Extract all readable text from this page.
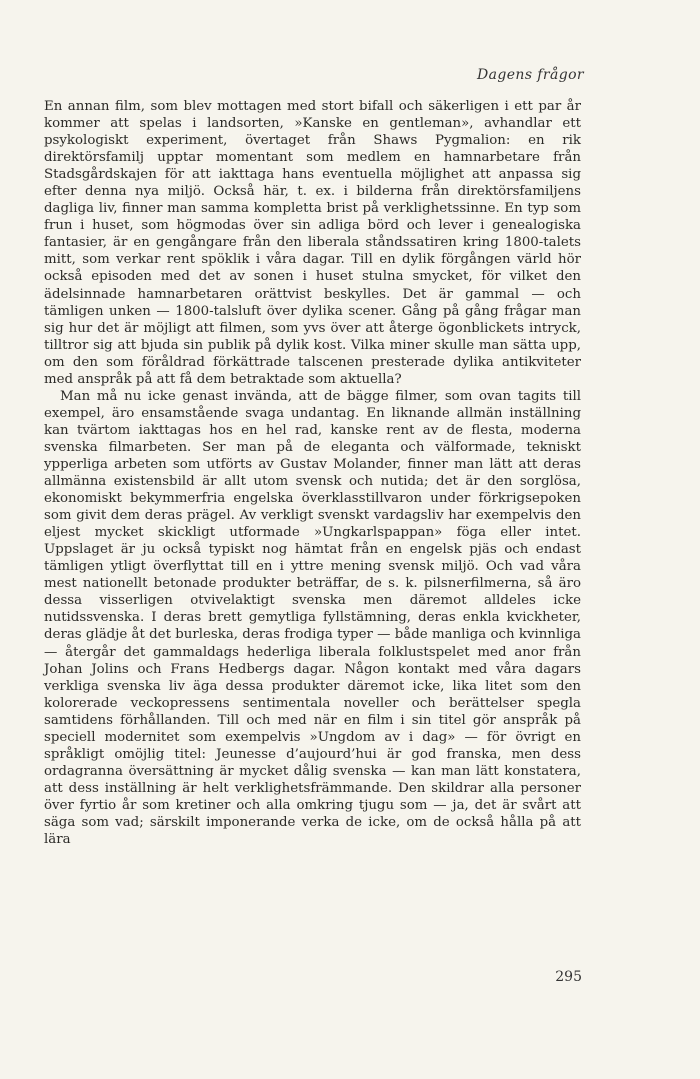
Dagens frågor

En annan film, som blev mottagen med stort bifall och säkerligen i ett par år kommer att spelas i landsorten, »Kanske en gentleman», avhandlar ett psykologiskt experiment, övertaget från Shaws Pygmalion: en rik direktörsfamilj upptar momentant som medlem en hamnarbetare från Stadsgårdskajen för att iakttaga hans eventuella möjlighet att anpassa sig efter denna nya miljö. Också här, t. ex. i bilderna från direktörsfamiljens dagliga liv, finner man samma kompletta brist på verklighetssinne. En typ som frun i huset, som högmodas över sin adliga börd och lever i genealogiska fantasier, är en gengångare från den liberala ståndssatiren kring 1800-talets mitt, som verkar rent spöklik i våra dagar. Till en dylik förgången värld hör också episoden med det av sonen i huset stulna smycket, för vilket den ädelsinnade hamnarbetaren orättvist beskylles. Det är gammal — och tämligen unken — 1800-talsluft över dylika scener. Gång på gång frågar man sig hur det är möjligt att filmen, som yvs över att återge ögonblickets intryck, tilltror sig att bjuda sin publik på dylik kost. Vilka miner skulle man sätta upp, om den som föråldrad förkättrade talscenen presterade dylika antikviteter med anspråk på att få dem betraktade som aktuella?

Man må nu icke genast invända, att de bägge filmer, som ovan tagits till exempel, äro ensamstående svaga undantag. En liknande allmän inställning kan tvärtom iakttagas hos en hel rad, kanske rent av de flesta, moderna svenska filmarbeten. Ser man på de eleganta och välformade, tekniskt ypperliga arbeten som utförts av Gustav Molander, finner man lätt att deras allmänna existensbild är allt utom svensk och nutida; det är den sorglösa, ekonomiskt bekymmerfria engelska överklasstillvaron under förkrigsepoken som givit dem deras prägel. Av verkligt svenskt vardagsliv har exempelvis den eljest mycket skickligt utformade »Ungkarlspappan» föga eller intet. Uppslaget är ju också typiskt nog hämtat från en engelsk pjäs och endast tämligen ytligt överflyttat till en i yttre mening svensk miljö. Och vad våra mest nationellt betonade produkter beträffar, de s. k. pilsnerfilmerna, så äro dessa visserligen otvivelaktigt svenska men däremot alldeles icke nutidssvenska. I deras brett gemytliga fyllstämning, deras enkla kvickheter, deras glädje åt det burleska, deras frodiga typer — både manliga och kvinnliga — återgår det gammaldags hederliga liberala folklustspelet med anor från Johan Jolins och Frans Hedbergs dagar. Någon kontakt med våra dagars verkliga svenska liv äga dessa produkter däremot icke, lika litet som den kolorerade veckopressens sentimentala noveller och berättelser spegla samtidens förhållanden. Till och med när en film i sin titel gör anspråk på speciell modernitet som exempelvis »Ungdom av i dag» — för övrigt en språkligt omöjlig titel: Jeunesse d’aujourd’hui är god franska, men dess ordagranna översättning är mycket dålig svenska — kan man lätt konstatera, att dess inställning är helt verklighetsfrämmande. Den skildrar alla personer över fyrtio år som kretiner och alla omkring tjugu som — ja, det är svårt att säga som vad; särskilt imponerande verka de icke, om de också hålla på att lära

295
